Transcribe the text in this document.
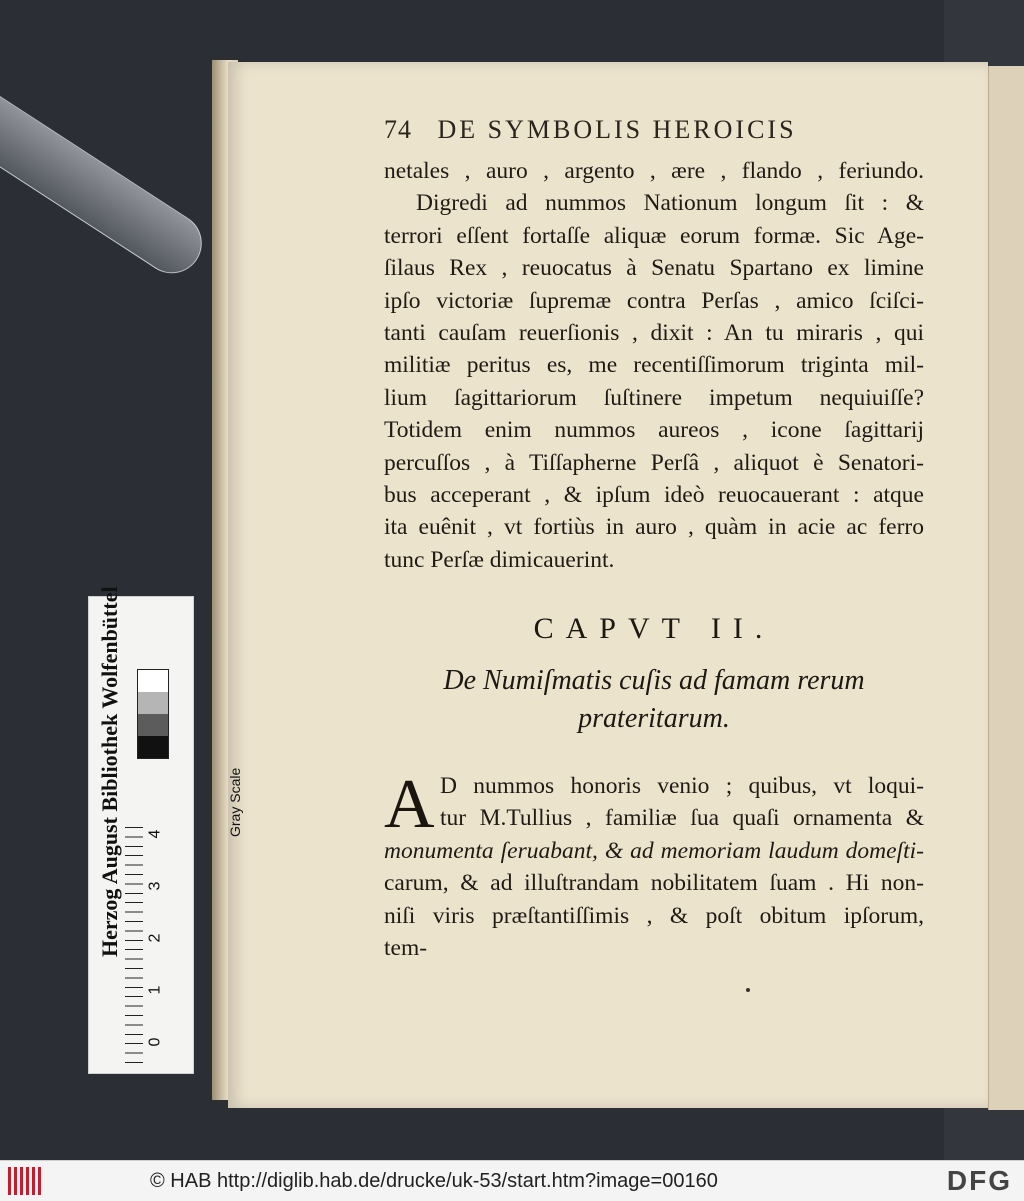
74 DE SYMBOLIS HEROICIS
netales , auro , argento , ære , flando , feriundo.
Digredi ad nummos Nationum longum ſit : &
terrori eſſent fortaſſe aliquæ eorum formæ. Sic Age-
ſilaus Rex , reuocatus à Senatu Spartano ex limine
ipſo victoriæ ſupremæ contra Perſas , amico ſciſci-
tanti cauſam reuerſionis , dixit : An tu miraris , qui
militiæ peritus es, me recentiſſimorum triginta mil-
lium ſagittariorum ſuſtinere impetum nequiuiſſe?
Totidem enim nummos aureos , icone ſagittarij
percuſſos , à Tiſſapherne Perſâ , aliquot è Senatori-
bus acceperant , & ipſum ideò reuocauerant : atque
ita euênit , vt fortiùs in auro , quàm in acie ac ferro
tunc Perſæ dimicauerint.
CAPVT II.
De Numiſmatis cuſis ad famam rerum
prateritarum.
A D nummos honoris venio ; quibus, vt loqui-
tur M.Tullius , familiæ ſua quaſi ornamenta &
monumenta ſeruabant, & ad memoriam laudum domeſti-
carum, & ad illuſtrandam nobilitatem ſuam . Hi non-
niſi viris præſtantiſſimis , & poſt obitum ipſorum,
tem-
Herzog August Bibliothek Wolfenbüttel	Gray Scale
4
3
2
1
0
© HAB http://diglib.hab.de/drucke/uk-53/start.htm?image=00160	DFG
